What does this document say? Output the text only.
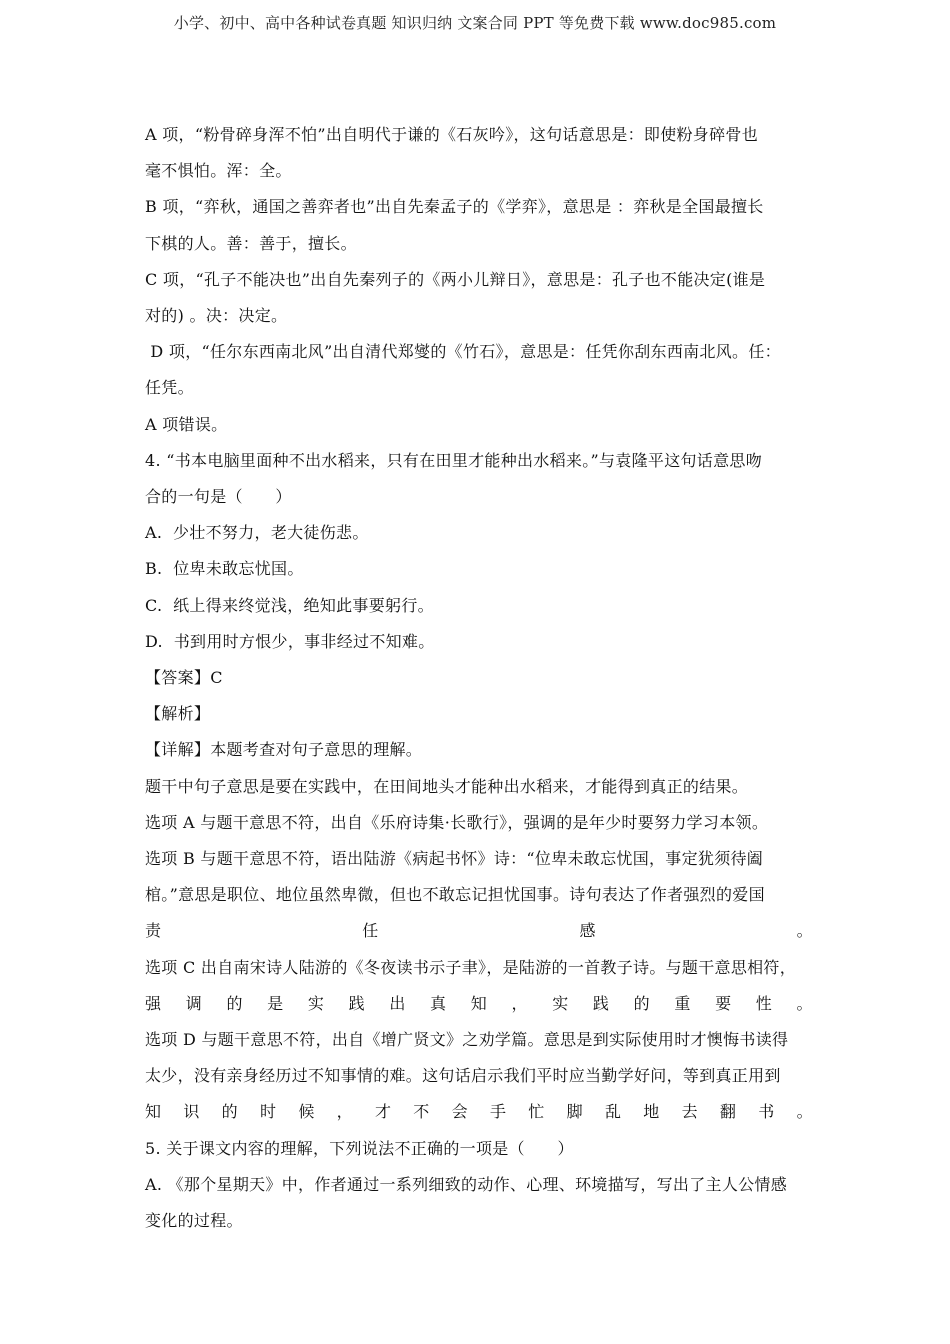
小学、初中、高中各种试卷真题 知识归纳 文案合同 PPT 等免费下载 www.doc985.com
A 项，“粉骨碎身浑不怕”出自明代于谦的《石灰吟》，这句话意思是：即使粉身碎骨也
毫不惧怕。浑：全。
B 项，“弈秋，通国之善弈者也”出自先秦孟子的《学弈》，意思是 ：弈秋是全国最擅长
下棋的人。善：善于，擅长。
C 项，“孔子不能决也”出自先秦列子的《两小儿辩日》，意思是：孔子也不能决定(谁是
对的) 。决：决定。
D 项，“任尔东西南北风”出自清代郑燮的《竹石》，意思是：任凭你刮东西南北风。任：
任凭。
A 项错误。
4. “书本电脑里面种不出水稻来，只有在田里才能种出水稻来。”与袁隆平这句话意思吻
合的一句是（　　）
A.  少壮不努力，老大徒伤悲。
B.  位卑未敢忘忧国。
C.  纸上得来终觉浅，绝知此事要躬行。
D.  书到用时方恨少，事非经过不知难。
【答案】C
【解析】
【详解】本题考查对句子意思的理解。
题干中句子意思是要在实践中，在田间地头才能种出水稻来，才能得到真正的结果。
选项 A 与题干意思不符，出自《乐府诗集·长歌行》，强调的是年少时要努力学习本领。
选项 B 与题干意思不符，语出陆游《病起书怀》诗：“位卑未敢忘忧国，事定犹须待阖
棺。”意思是职位、地位虽然卑微，但也不敢忘记担忧国事。诗句表达了作者强烈的爱国
责	任	感	。
选项 C 出自南宋诗人陆游的《冬夜读书示子聿》，是陆游的一首教子诗。与题干意思相符，
强 调 的 是 实 践 出 真 知 ， 实 践 的 重 要 性 。
选项 D 与题干意思不符，出自《增广贤文》之劝学篇。意思是到实际使用时才懊悔书读得
太少，没有亲身经历过不知事情的难。这句话启示我们平时应当勤学好问，等到真正用到
知 识 的 时 候 ， 才 不 会 手 忙 脚 乱 地 去 翻 书 。
5. 关于课文内容的理解，下列说法不正确的一项是（　　）
A. 《那个星期天》中，作者通过一系列细致的动作、心理、环境描写，写出了主人公情感
变化的过程。
